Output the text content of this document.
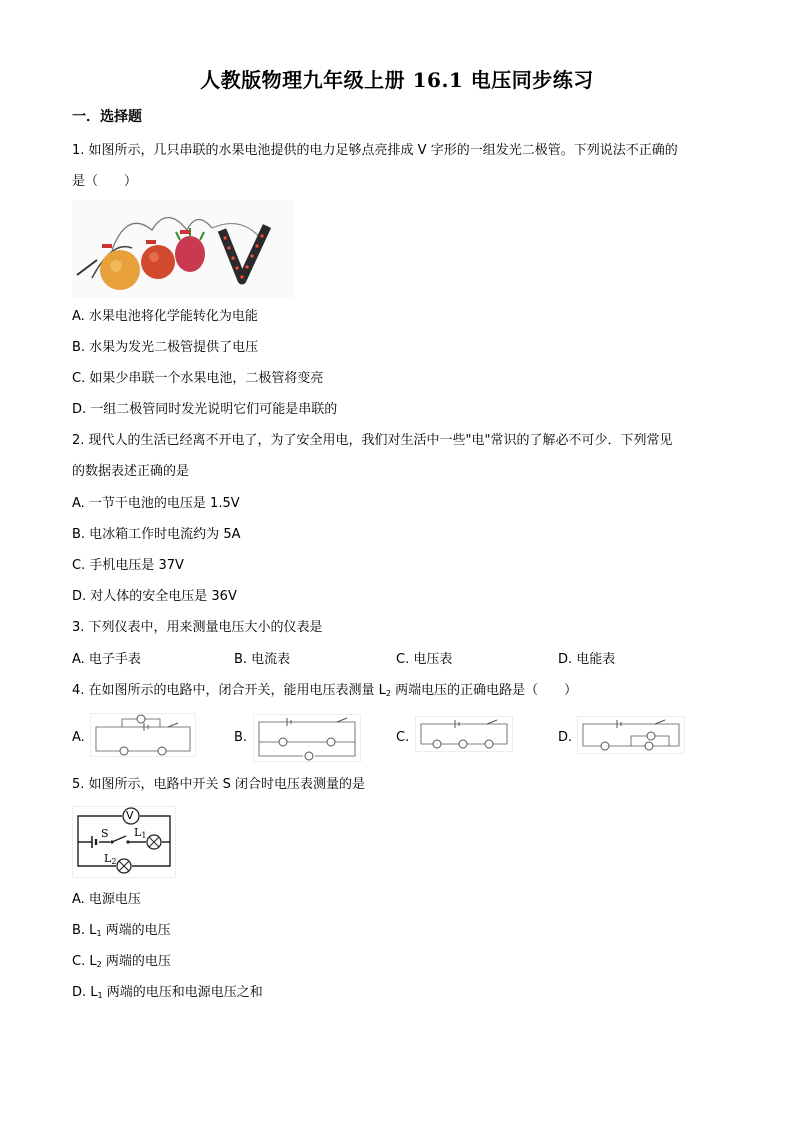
人教版物理九年级上册 16.1 电压同步练习
一．选择题
1. 如图所示，几只串联的水果电池提供的电力足够点亮排成 V 字形的一组发光二极管。下列说法不正确的
是（　　）
A. 水果电池将化学能转化为电能
B. 水果为发光二极管提供了电压
C. 如果少串联一个水果电池，二极管将变亮
D. 一组二极管同时发光说明它们可能是串联的
2. 现代人的生活已经离不开电了，为了安全用电，我们对生活中一些"电"常识的了解必不可少．下列常见
的数据表述正确的是
A. 一节干电池的电压是 1.5V
B. 电冰箱工作时电流约为 5A
C. 手机电压是 37V
D. 对人体的安全电压是 36V
3. 下列仪表中，用来测量电压大小的仪表是
A. 电子手表	B. 电流表	C. 电压表	D. 电能表
4. 在如图所示的电路中，闭合开关，能用电压表测量 $L_2$ 两端电压的正确电路是（　　）
A.	B.	C.	D.
5. 如图所示，电路中开关 S 闭合时电压表测量的是
V
S $L_1$
$L_2$
A. 电源电压
B. $L_1$ 两端的电压
C. $L_2$ 两端的电压
D. $L_1$ 两端的电压和电源电压之和
